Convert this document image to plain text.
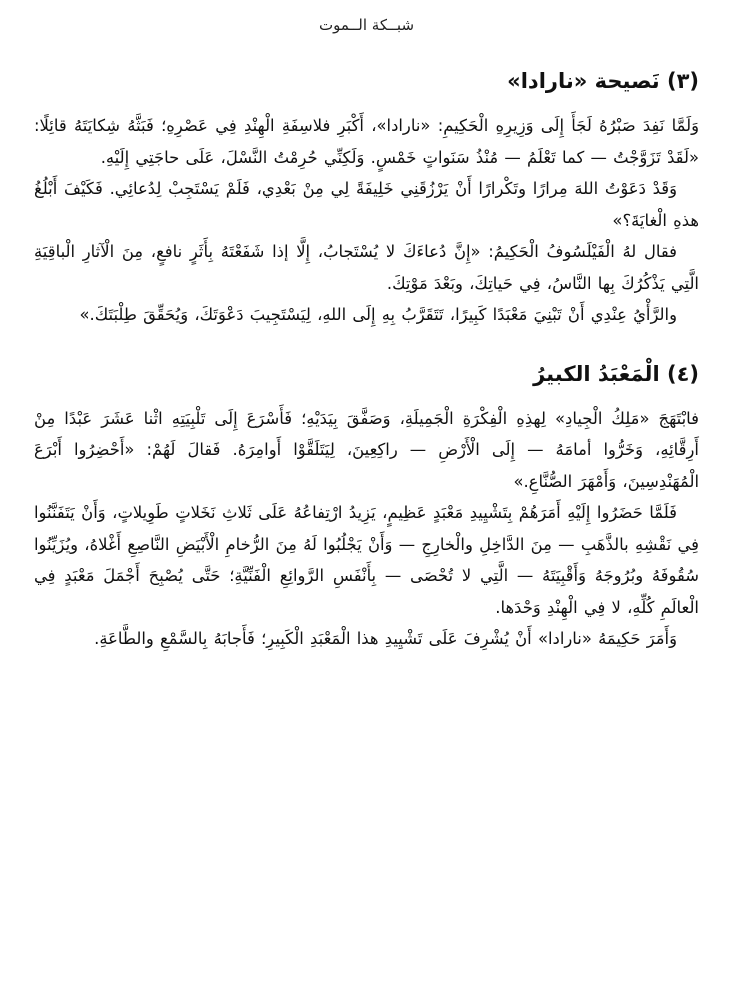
شبــكة الــموت
(٣) نَصيحة «نارادا»

وَلَمَّا نَفِدَ صَبْرُهُ لَجَأَ إِلَى وَزِيرِهِ الْحَكِيمِ: «نارادا»، أَكْبَرِ فلاسِفَةِ الْهِنْدِ فِي عَصْرِهِ؛ فَبَثَّهُ شِكايَتَهُ قائِلًا: «لَقَدْ تَزَوَّجْتُ — كما تَعْلَمُ — مُنْذُ سَنَواتٍ خَمْسٍ. وَلَكِنِّي حُرِمْتُ النَّسْلَ، عَلَى حاجَتِي إِلَيْهِ.

وَقَدْ دَعَوْتُ اللهَ مِرارًا وتَكْرارًا أَنْ يَرْزُقَنِي خَلِيفَةً لِي مِنْ بَعْدِي، فَلَمْ يَسْتَجِبْ لِدُعائِي. فَكَيْفَ أَبْلُغُ هذهِ الْغايَةَ؟»

فقال لهُ الْفَيْلَسُوفُ الْحَكِيمُ: «إِنَّ دُعاءَكَ لا يُسْتَجابُ، إِلَّا إذا شَفَعْتَهُ بِأَثَرٍ نافعٍ، مِنَ الْآثارِ الْباقِيَةِ الَّتِي يَذْكُرُكَ بِها النَّاسُ، فِي حَياتِكَ، وبَعْدَ مَوْتِكَ.

والرَّأْيُ عِنْدِي أَنْ تَبْنِيَ مَعْبَدًا كَبِيرًا، تَتَقَرَّبُ بِهِ إِلَى اللهِ، لِيَسْتَجِيبَ دَعْوَتَكَ، وَيُحَقِّقَ طِلْبَتَكَ.»

(٤) الْمَعْبَدُ الكبيرُ

فابْتَهَجَ «مَلِكُ الْجِيادِ» لِهذِهِ الْفِكْرَةِ الْجَمِيلَةِ، وَصَفَّقَ بِيَدَيْهِ؛ فَأَسْرَعَ إِلَى تَلْبِيَتِهِ اثْنا عَشَرَ عَبْدًا مِنْ أَرِقَّائِهِ، وَخَرُّوا أمامَهُ — إِلَى الْأَرْضِ — راكِعِينَ، لِيَتَلَقَّوْا أَوامِرَهُ. فَقالَ لَهُمْ: «أَحْضِرُوا أَبْرَعَ الْمُهَنْدِسِينَ، وَأَمْهَرَ الصُّنَّاعِ.»

فَلَمَّا حَضَرُوا إِلَيْهِ أَمَرَهُمْ بِتَشْيِيدِ مَعْبَدٍ عَظِيمٍ، يَزِيدُ ارْتِفاعُهُ عَلَى ثَلاثِ نَخَلاتٍ طَوِيلاتٍ، وَأَنْ يَتَفَنَّنُوا فِي نَقْشِهِ بالذَّهَبِ — مِنَ الدَّاخِلِ والْخارِجِ — وَأَنْ يَجْلُبُوا لَهُ مِنَ الرُّخامِ الْأَبْيَضِ النَّاصِعِ أَغْلاهُ، ويُزَيِّنُوا سُقُوفَهُ وبُرُوجَهُ وَأَقْبِيَتَهُ — الَّتِي لا تُحْصَى — بِأَنْفَسِ الرَّوائِعِ الْفَنِّيَّةِ؛ حَتَّى يُصْبِحَ أَجْمَلَ مَعْبَدٍ فِي الْعالَمِ كُلِّهِ، لا فِي الْهِنْدِ وَحْدَها.

وَأَمَرَ حَكِيمَهُ «نارادا» أَنْ يُشْرِفَ عَلَى تَشْيِيدِ هذا الْمَعْبَدِ الْكَبِيرِ؛ فَأَجابَهُ بِالسَّمْعِ والطَّاعَةِ.
